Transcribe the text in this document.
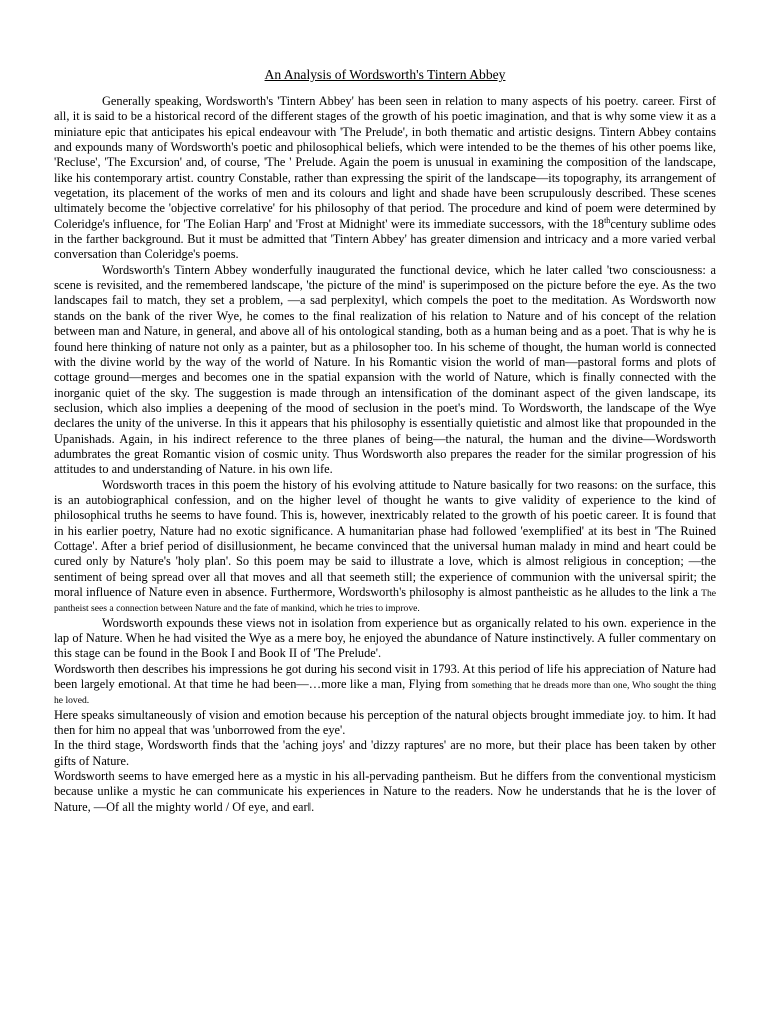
An Analysis of Wordsworth's Tintern Abbey

Generally speaking, Wordsworth's 'Tintern Abbey' has been seen in relation to many aspects of his poetry. career. First of all, it is said to be a historical record of the different stages of the growth of his poetic imagination, and that is why some view it as a miniature epic that anticipates his epical endeavour with 'The Prelude', in both thematic and artistic designs. Tintern Abbey contains and expounds many of Wordsworth's poetic and philosophical beliefs, which were intended to be the themes of his other poems like, 'Recluse', 'The Excursion' and, of course, 'The ' Prelude. Again the poem is unusual in examining the composition of the landscape, like his contemporary artist. country Constable, rather than expressing the spirit of the landscape—its topography, its arrangement of vegetation, its placement of the works of men and its colours and light and shade have been scrupulously described. These scenes ultimately become the 'objective correlative' for his philosophy of that period. The procedure and kind of poem were determined by Coleridge's influence, for 'The Eolian Harp' and 'Frost at Midnight' were its immediate successors, with the 18thcentury sublime odes in the farther background. But it must be admitted that 'Tintern Abbey' has greater dimension and intricacy and a more varied verbal conversation than Coleridge's poems.

Wordsworth's Tintern Abbey wonderfully inaugurated the functional device, which he later called 'two consciousness: a scene is revisited, and the remembered landscape, 'the picture of the mind' is superimposed on the picture before the eye. As the two landscapes fail to match, they set a problem, —a sad perplexity‖, which compels the poet to the meditation. As Wordsworth now stands on the bank of the river Wye, he comes to the final realization of his relation to Nature and of his concept of the relation between man and Nature, in general, and above all of his ontological standing, both as a human being and as a poet. That is why he is found here thinking of nature not only as a painter, but as a philosopher too. In his scheme of thought, the human world is connected with the divine world by the way of the world of Nature. In his Romantic vision the world of man—pastoral forms and plots of cottage ground—merges and becomes one in the spatial expansion with the world of Nature, which is finally connected with the inorganic quiet of the sky. The suggestion is made through an intensification of the dominant aspect of the given landscape, its seclusion, which also implies a deepening of the mood of seclusion in the poet's mind. To Wordsworth, the landscape of the Wye declares the unity of the universe. In this it appears that his philosophy is essentially quietistic and almost like that propounded in the Upanishads. Again, in his indirect reference to the three planes of being—the natural, the human and the divine—Wordsworth adumbrates the great Romantic vision of cosmic unity. Thus Wordsworth also prepares the reader for the similar progression of his attitudes to and understanding of Nature. in his own life.

Wordsworth traces in this poem the history of his evolving attitude to Nature basically for two reasons: on the surface, this is an autobiographical confession, and on the higher level of thought he wants to give validity of experience to the kind of philosophical truths he seems to have found. This is, however, inextricably related to the growth of his poetic career. It is found that in his earlier poetry, Nature had no exotic significance. A humanitarian phase had followed 'exemplified' at its best in 'The Ruined Cottage'. After a brief period of disillusionment, he became convinced that the universal human malady in mind and heart could be cured only by Nature's 'holy plan'. So this poem may be said to illustrate a love, which is almost religious in conception; —the sentiment of being spread over all that moves and all that seemeth still; the experience of communion with the universal spirit; the moral influence of Nature even in absence. Furthermore, Wordsworth's philosophy is almost pantheistic as he alludes to the link a The pantheist sees a connection between Nature and the fate of mankind, which he tries to improve.

Wordsworth expounds these views not in isolation from experience but as organically related to his own. experience in the lap of Nature. When he had visited the Wye as a mere boy, he enjoyed the abundance of Nature instinctively. A fuller commentary on this stage can be found in the Book I and Book II of 'The Prelude'.

Wordsworth then describes his impressions he got during his second visit in 1793. At this period of life his appreciation of Nature had been largely emotional. At that time he had been—…more like a man, Flying from something that he dreads more than one, Who sought the thing he loved.

Here speaks simultaneously of vision and emotion because his perception of the natural objects brought immediate joy. to him. It had then for him no appeal that was 'unborrowed from the eye'.

In the third stage, Wordsworth finds that the 'aching joys' and 'dizzy raptures' are no more, but their place has been taken by other gifts of Nature.

Wordsworth seems to have emerged here as a mystic in his all-pervading pantheism. But he differs from the conventional mysticism because unlike a mystic he can communicate his experiences in Nature to the readers. Now he understands that he is the lover of Nature, —Of all the mighty world / Of eye, and ear‖.
